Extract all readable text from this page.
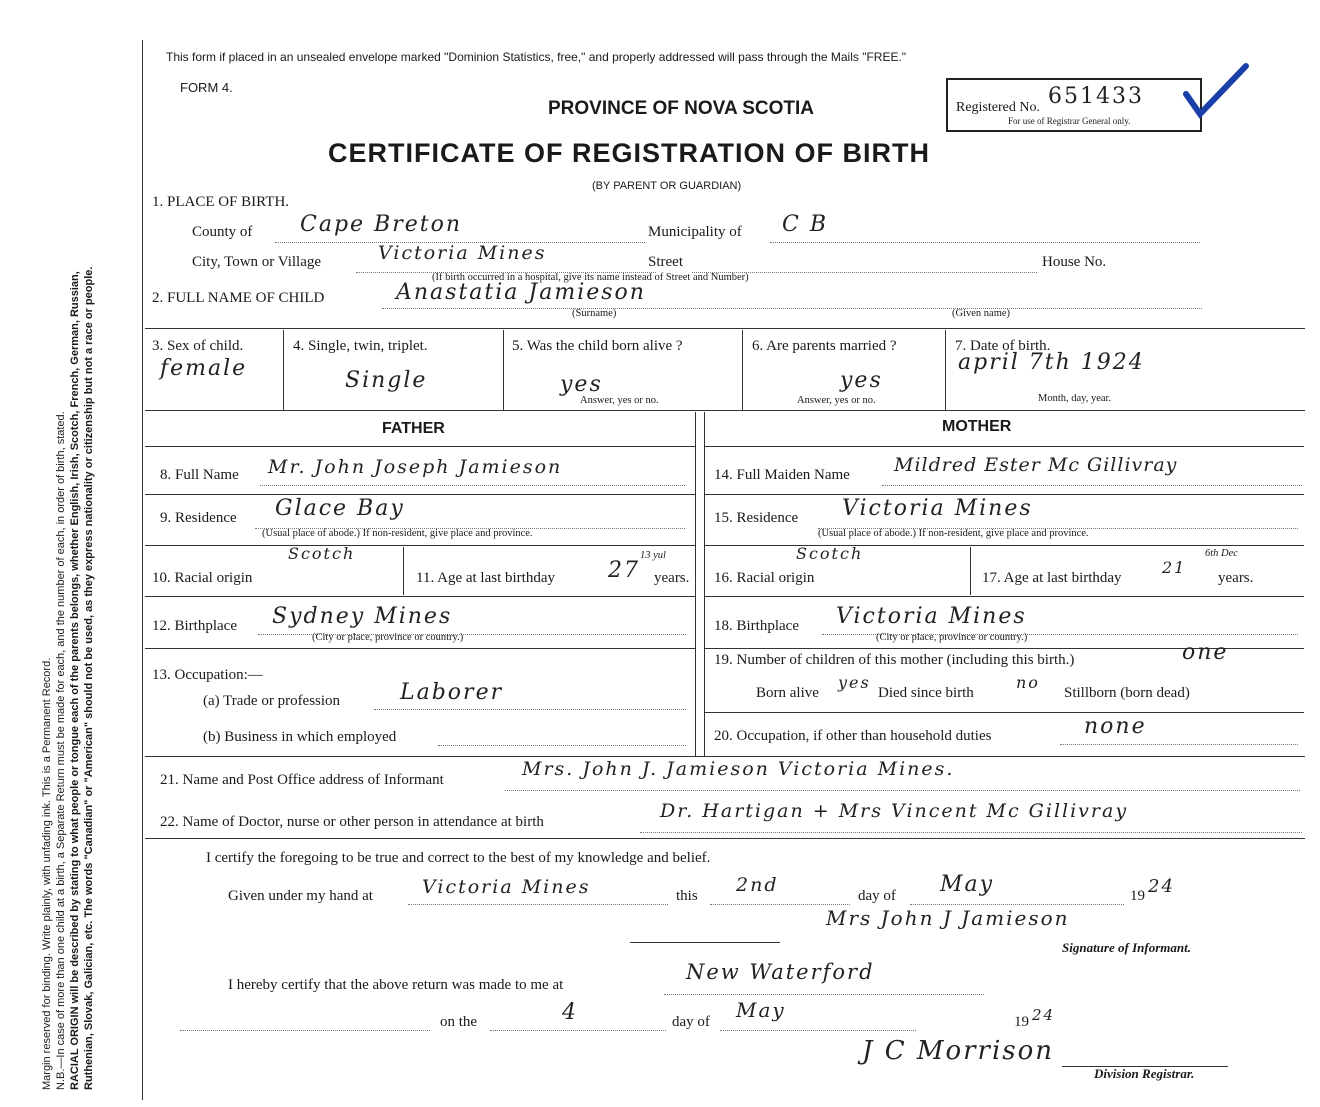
Margin reserved for binding. Write plainly, with unfading ink. This is a Permanent Record. N.B.—In case of more than one child at a birth, a Separate Return must be made for each, and the number of each, in order of birth, stated. RACIAL ORIGIN will be described by stating to what people or tongue each of the parents belongs, whether English, Irish, Scotch, French, German, Russian, Ruthenian, Slovak, Galician, etc. The words "Canadian" or "American" should not be used, as they express nationality or citizenship but not a race or people.
This form if placed in an unsealed envelope marked "Dominion Statistics, free," and properly addressed will pass through the Mails "FREE."
FORM 4.
PROVINCE OF NOVA SCOTIA
CERTIFICATE OF REGISTRATION OF BIRTH
(BY PARENT OR GUARDIAN)
Registered No. 651433
For use of Registrar General only.
1. PLACE OF BIRTH.
County of Cape Breton	Municipality of C B
City, Town or Village	Victoria Mines	Street	House No.
(If birth occurred in a hospital, give its name instead of Street and Number)
2. FULL NAME OF CHILD	Anastatia Jamieson
(Surname)	(Given name)
3. Sex of child.
female
4. Single, twin, triplet.
Single
5. Was the child born alive ?
yes
Answer, yes or no.
6. Are parents married ?
yes
Answer, yes or no.
7. Date of birth.
april 7th 1924
Month, day, year.
FATHER	MOTHER
8. Full Name Mr. John Joseph Jamieson
9. Residence Glace Bay
(Usual place of abode.) If non-resident, give place and province.
10. Racial origin
Scotch
11. Age at last birthday 27
13 yul
years.
12. Birthplace Sydney Mines
(City or place, province or country.)
13. Occupation:—
(a) Trade or profession	Laborer
(b) Business in which employed
14. Full Maiden Name Mildred Ester Mc Gillivray
15. Residence Victoria Mines
(Usual place of abode.) If non-resident, give place and province.
16. Racial origin
Scotch
17. Age at last birthday
21
6th Dec
years.
18. Birthplace Victoria Mines
(City or place, province or country.)
19. Number of children of this mother (including this birth.)	one
Born alive
yes
Died since birth
no
Stillborn (born dead)
20. Occupation, if other than household duties	none
21. Name and Post Office address of Informant	Mrs. John J. Jamieson Victoria Mines.
22. Name of Doctor, nurse or other person in attendance at birth	Dr. Hartigan + Mrs Vincent Mc Gillivray
I certify the foregoing to be true and correct to the best of my knowledge and belief.
Given under my hand at	Victoria Mines	this 2nd	day of May	19 24
Mrs John J Jamieson
Signature of Informant.
I hereby certify that the above return was made to me at
New Waterford
on the	4	day of May	19 24
J C Morrison
Division Registrar.
